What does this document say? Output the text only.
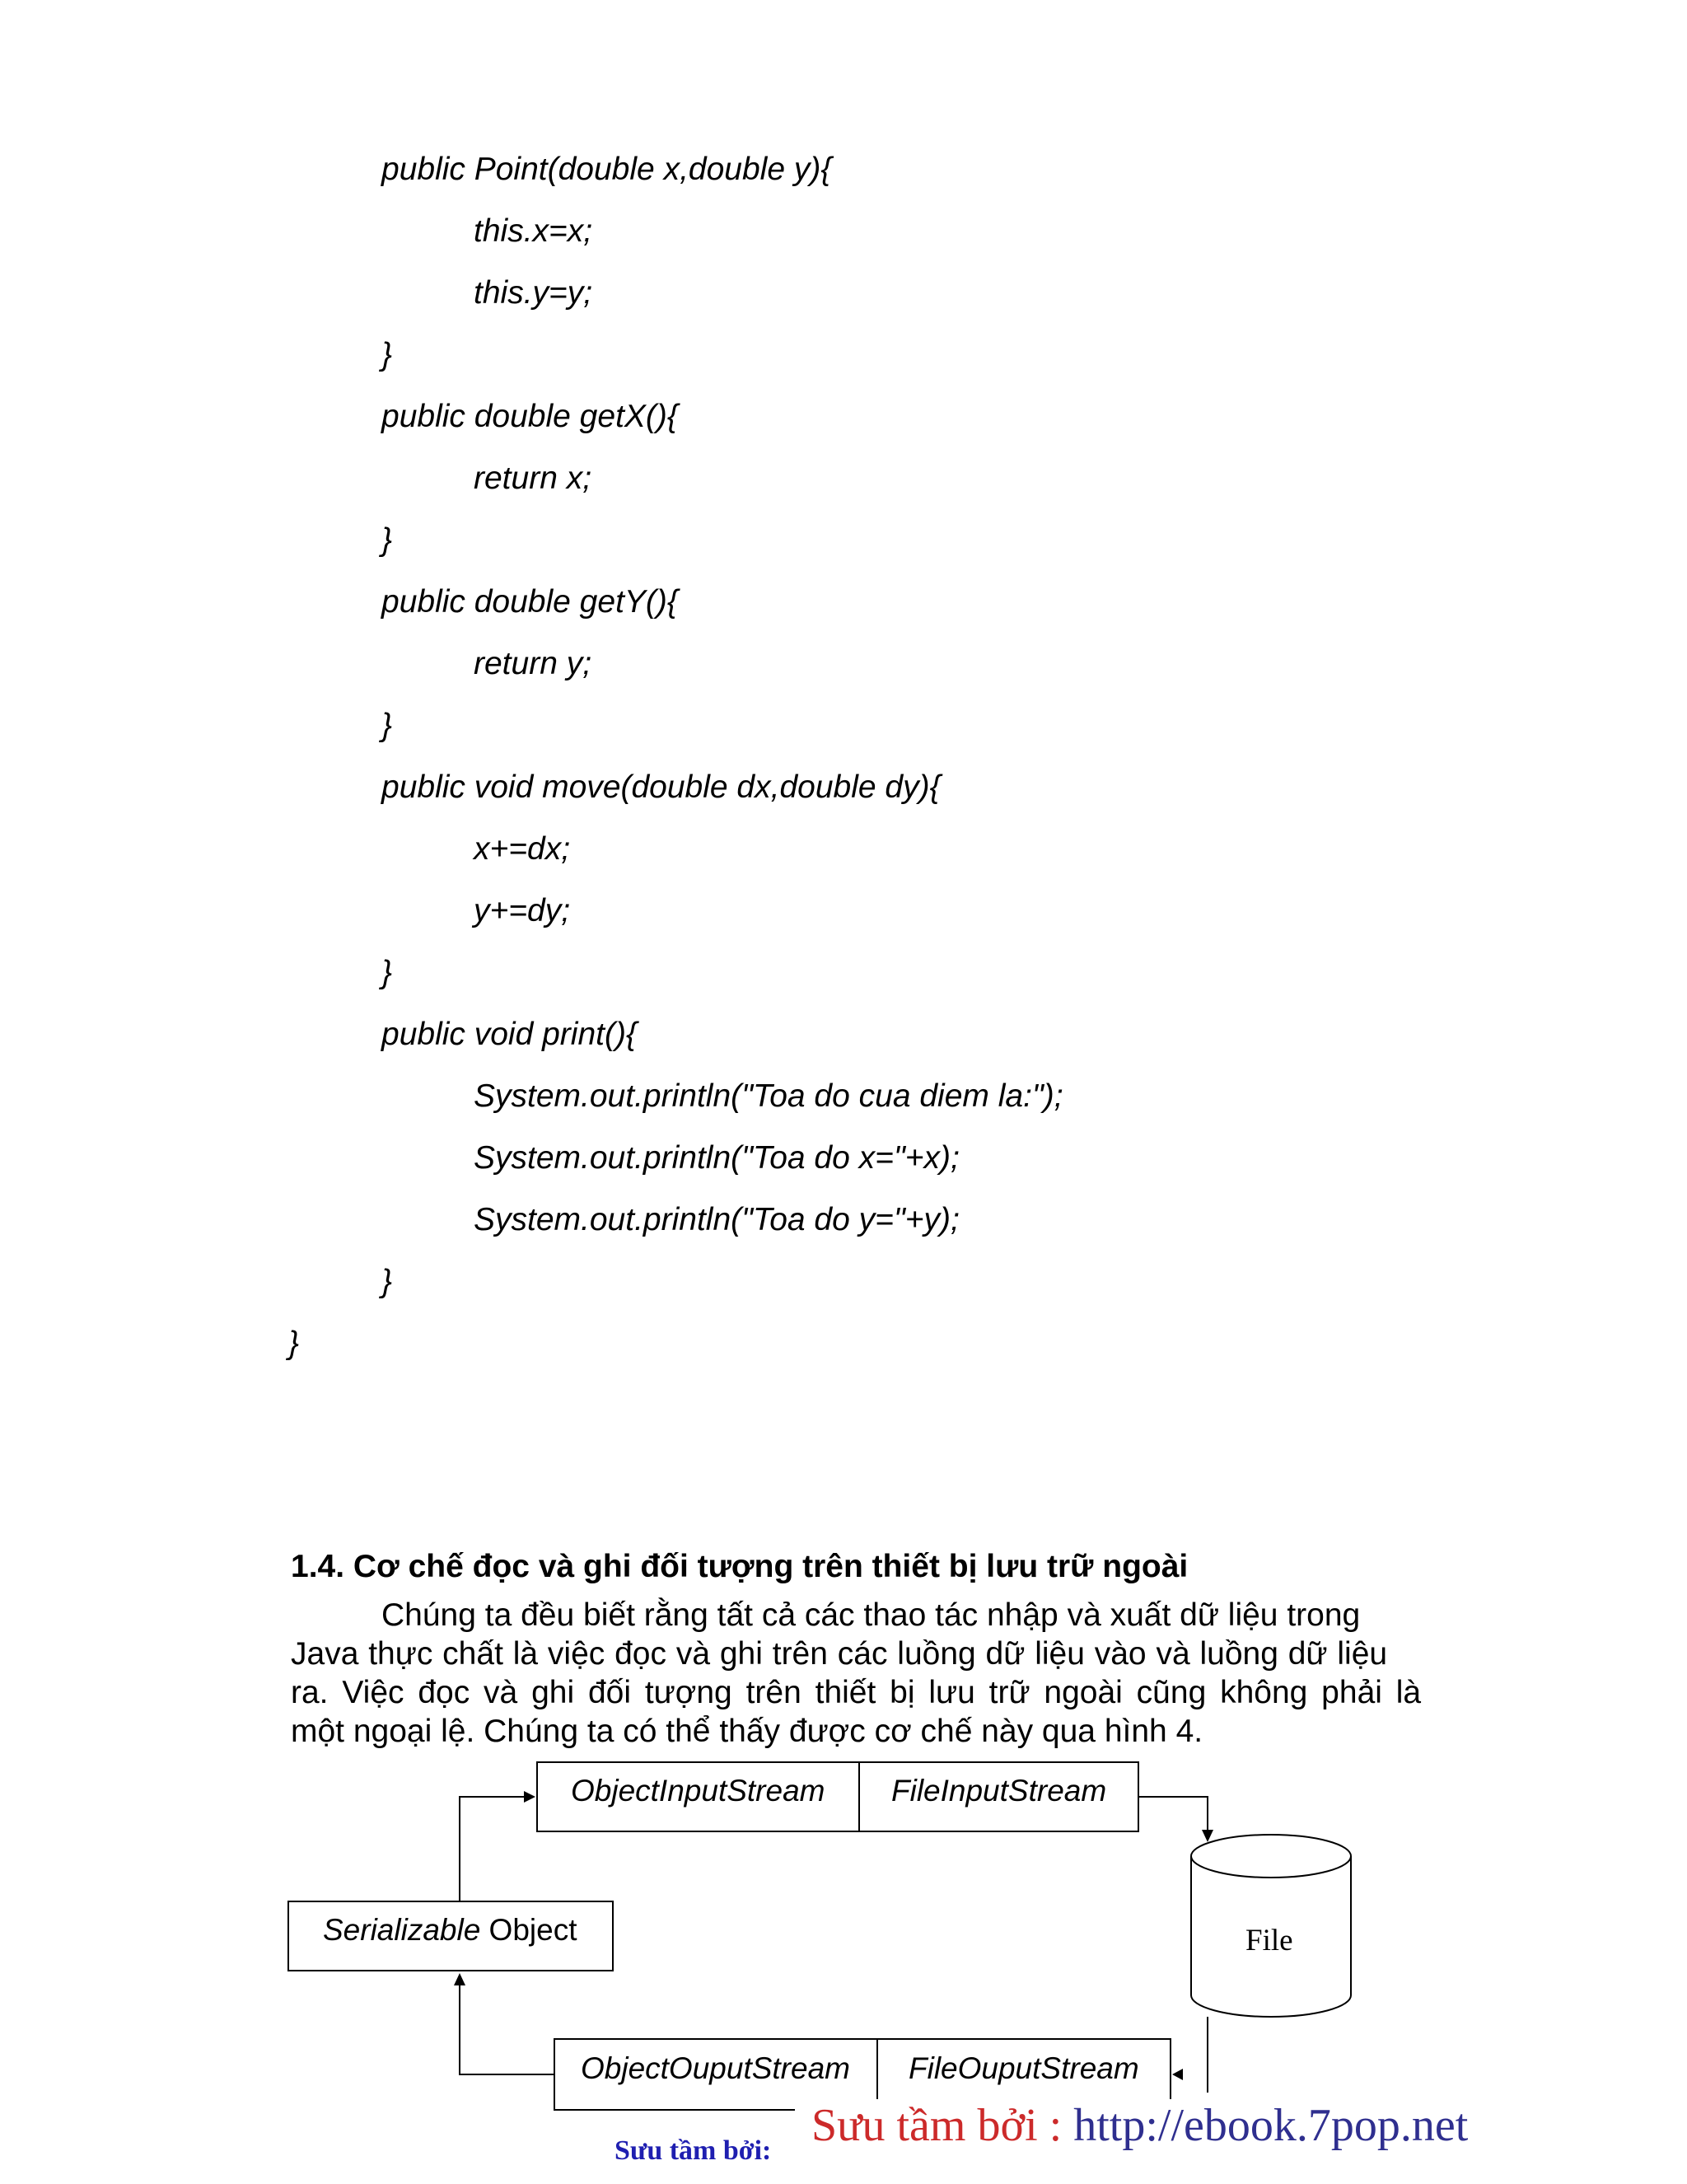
public Point(double x,double y){
this.x=x;
this.y=y;
}
public double getX(){
return x;
}
public double getY(){
return y;
}
public void move(double dx,double dy){
x+=dx;
y+=dy;
}
public void print(){
System.out.println("Toa do cua diem la:");
System.out.println("Toa do x="+x);
System.out.println("Toa do y="+y);
}
}
1.4. Cơ chế đọc và ghi đối tượng trên thiết bị lưu trữ ngoài
Chúng ta đều biết rằng tất cả các thao tác nhập và xuất dữ liệu trong
Java thực chất là việc đọc và ghi trên các luồng dữ liệu vào và luồng dữ liệu
ra. Việc đọc và ghi đối tượng trên thiết bị lưu trữ ngoài cũng không phải là
một ngoại lệ. Chúng ta có thể thấy được cơ chế này qua hình 4.
ObjectInputStream FileInputStream
Serializable Object
ObjectOuputStream FileOuputStream
File
Sưu tầm bởi : http://ebook.7pop.net
Sưu tầm bởi:
